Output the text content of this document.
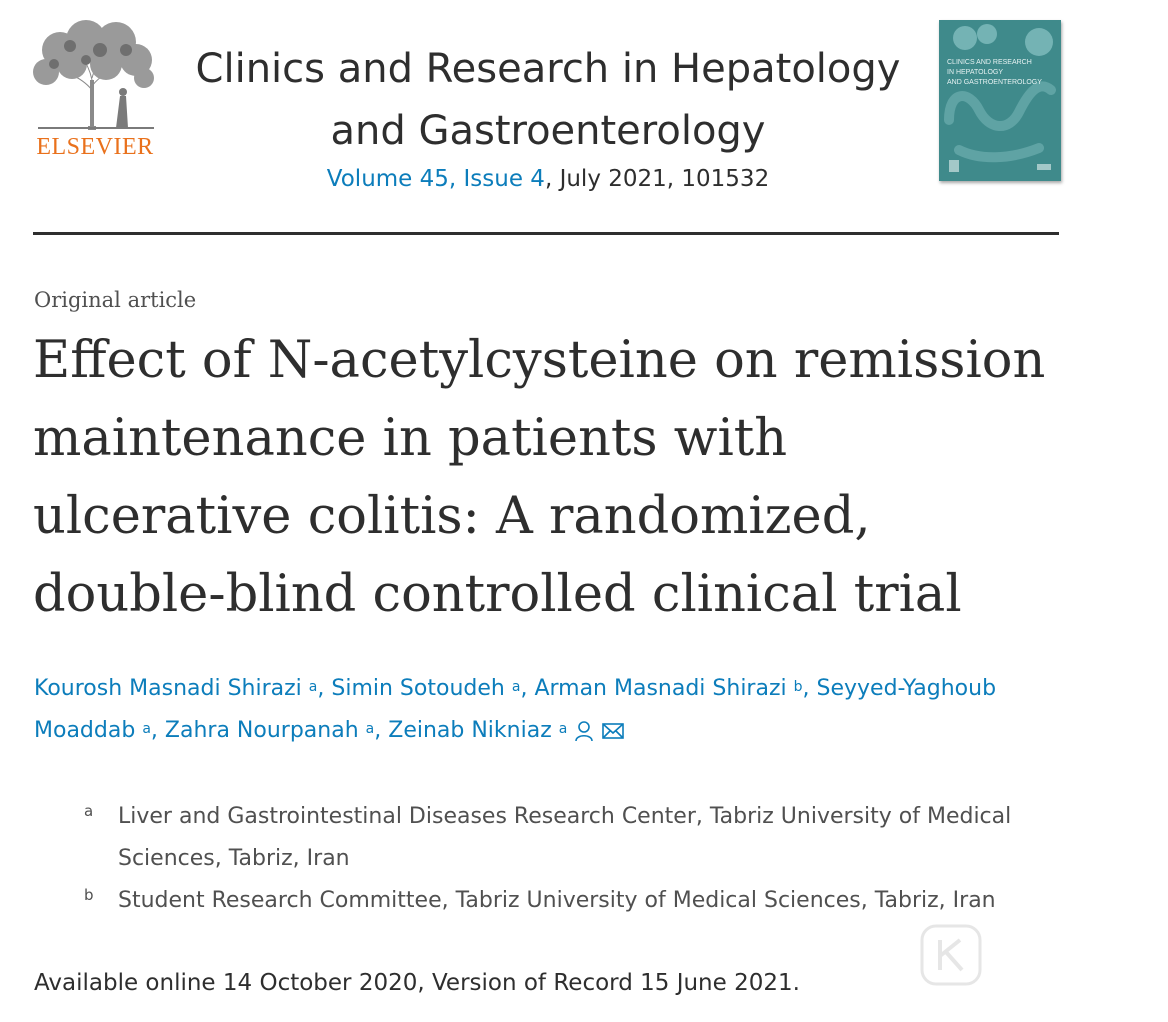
ELSEVIER
Clinics and Research in Hepatology
and Gastroenterology
Volume 45, Issue 4, July 2021, 101532
CLINICS AND RESEARCH
IN HEPATOLOGY
AND GASTROENTEROLOGY
Original article
Effect of N-acetylcysteine on remission
maintenance in patients with
ulcerative colitis: A randomized,
double-blind controlled clinical trial
Kourosh Masnadi Shirazi $^a$, Simin Sotoudeh $^a$, Arman Masnadi Shirazi $^b$, Seyyed-Yaghoub Moaddab $^a$, Zahra Nourpanah $^a$, Zeinab Nikniaz $^a$
a Liver and Gastrointestinal Diseases Research Center, Tabriz University of Medical Sciences, Tabriz, Iran
b Student Research Committee, Tabriz University of Medical Sciences, Tabriz, Iran
Available online 14 October 2020, Version of Record 15 June 2021.
